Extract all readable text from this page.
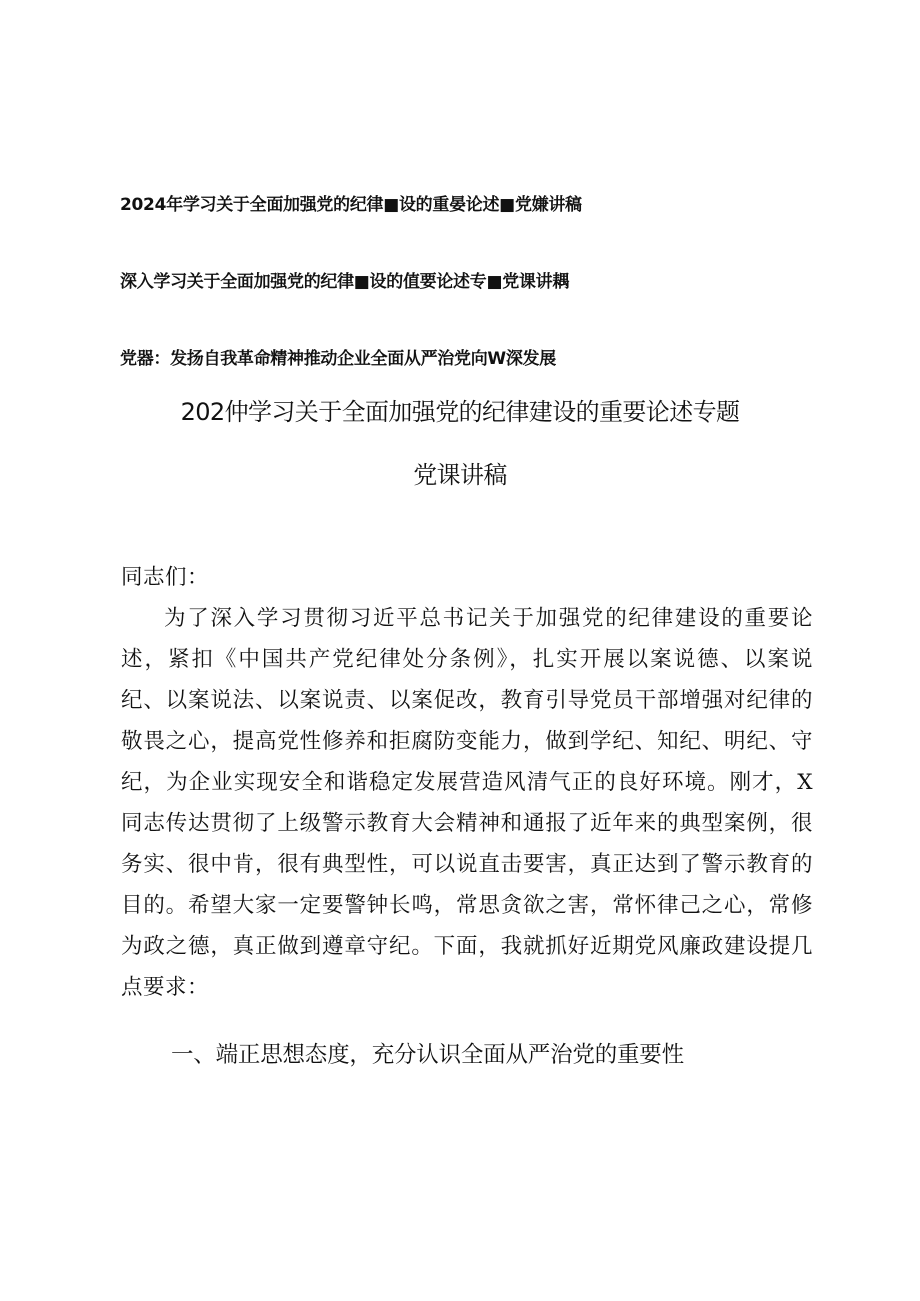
2024年学习关于全面加强党的纪律■设的重晏论述■党嫌讲稿
深入学习关于全面加强党的纪律■设的值要论述专■党课讲耦
党器：发扬自我革命精神推动企业全面从严治党向W深发展
202仲学习关于全面加强党的纪律建设的重要论述专题
党课讲稿

同志们：

为了深入学习贯彻习近平总书记关于加强党的纪律建设的重要论述，紧扣《中国共产党纪律处分条例》，扎实开展以案说德、以案说纪、以案说法、以案说责、以案促改，教育引导党员干部增强对纪律的敬畏之心，提高党性修养和拒腐防变能力，做到学纪、知纪、明纪、守纪，为企业实现安全和谐稳定发展营造风清气正的良好环境。刚才，X同志传达贯彻了上级警示教育大会精神和通报了近年来的典型案例，很务实、很中肯，很有典型性，可以说直击要害，真正达到了警示教育的目的。希望大家一定要警钟长鸣，常思贪欲之害，常怀律己之心，常修为政之德，真正做到遵章守纪。下面，我就抓好近期党风廉政建设提几点要求：

一、端正思想态度，充分认识全面从严治党的重要性
